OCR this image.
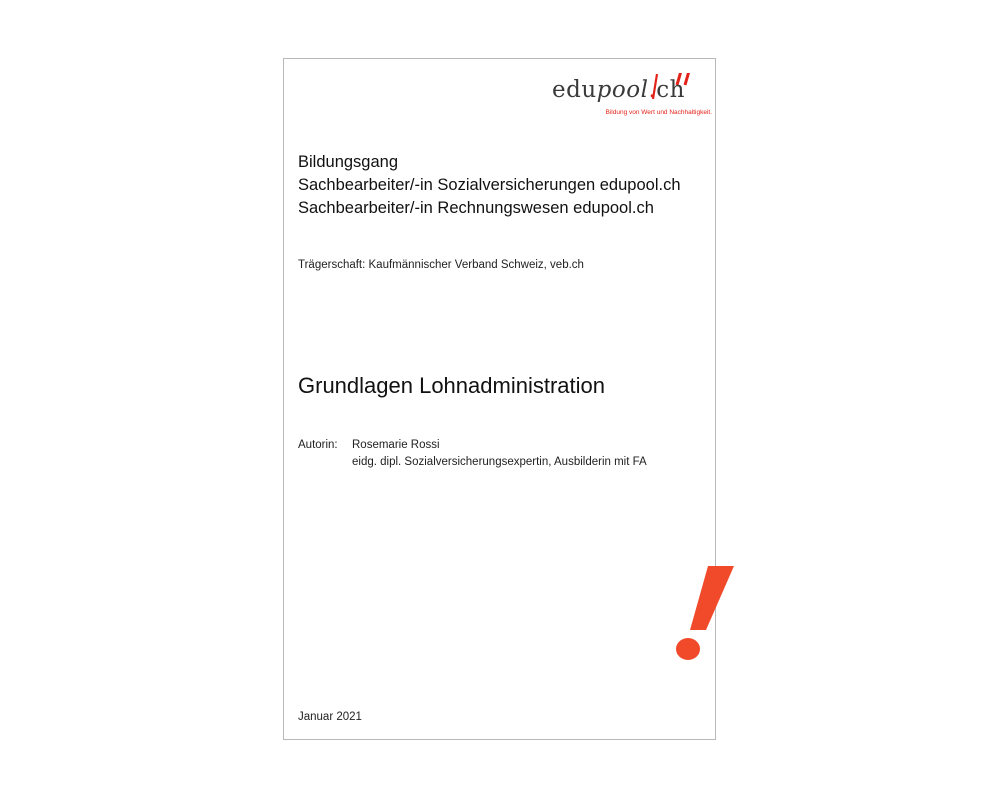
edupool.ch
Bildung von Wert und Nachhaltigkeit.
Bildungsgang
Sachbearbeiter/-in Sozialversicherungen edupool.ch
Sachbearbeiter/-in Rechnungswesen edupool.ch
Trägerschaft: Kaufmännischer Verband Schweiz, veb.ch
Grundlagen Lohnadministration
Autorin: Rosemarie Rossi
eidg. dipl. Sozialversicherungsexpertin, Ausbilderin mit FA
Januar 2021
